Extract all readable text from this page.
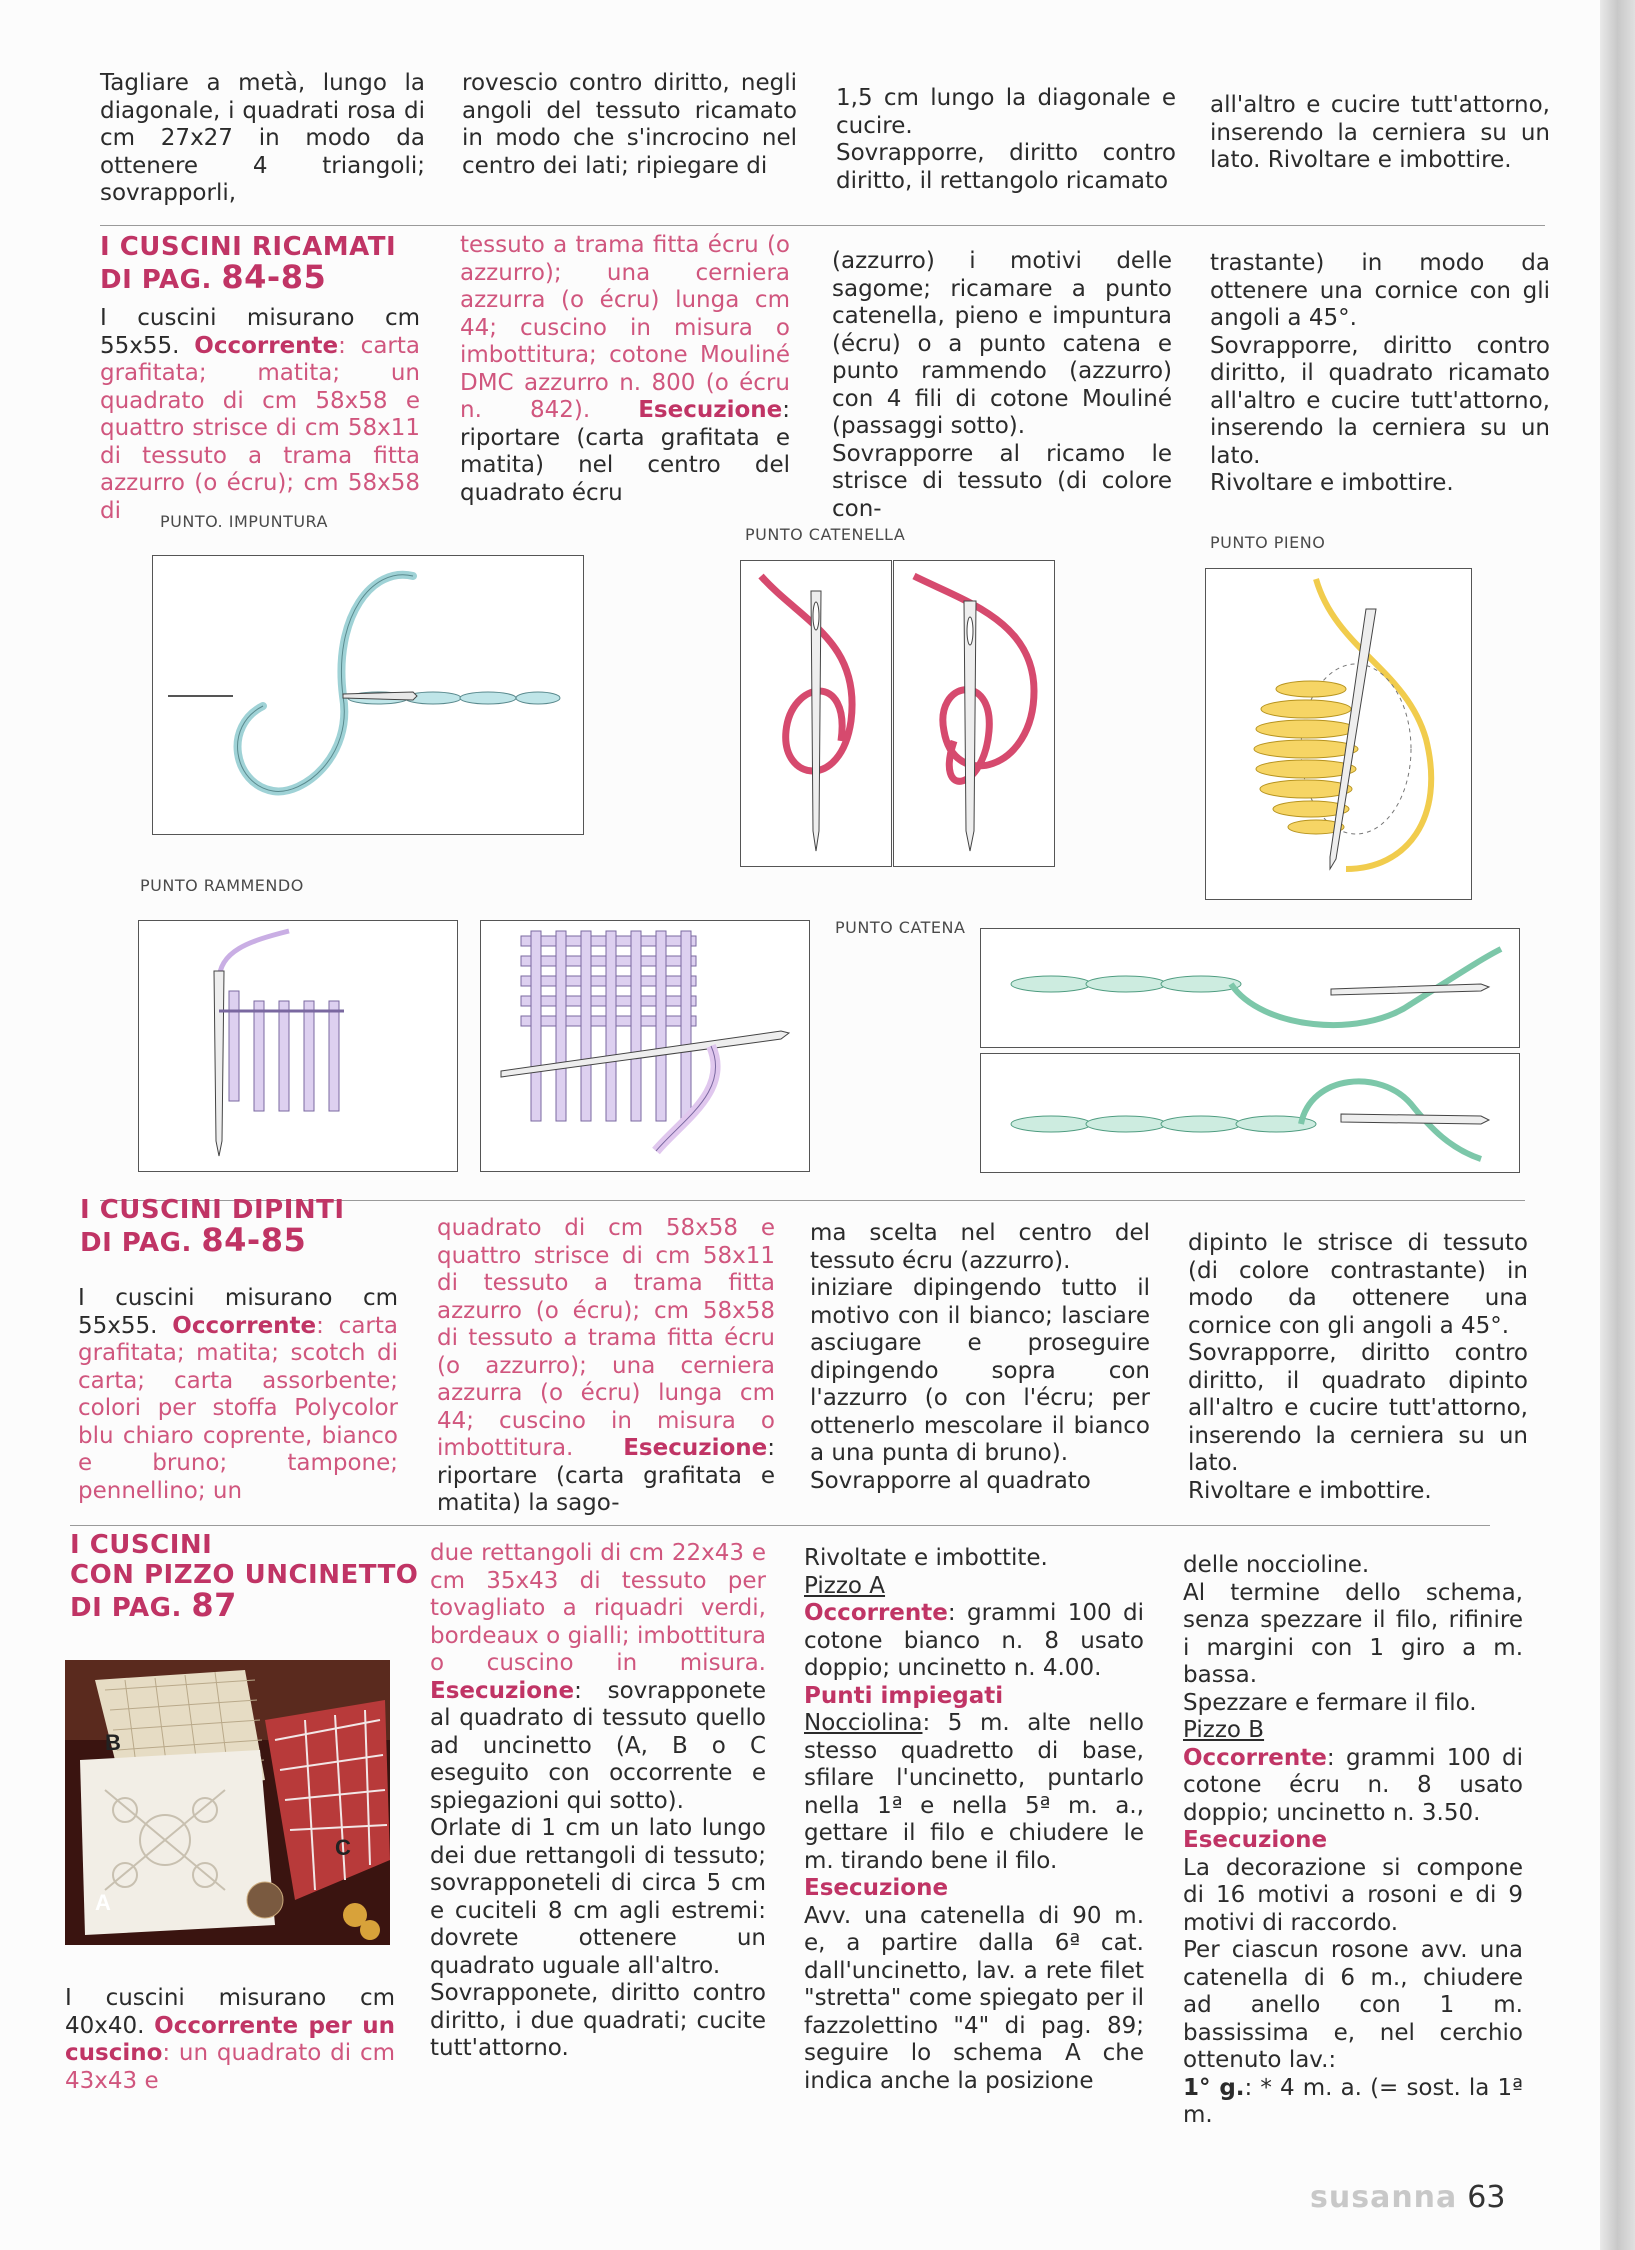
Tagliare a metà, lungo la diagonale, i quadrati rosa di cm 27x27 in modo da ottenere 4 triangoli; sovrapporli,
rovescio contro diritto, negli angoli del tessuto ricamato in modo che s'incrocino nel centro dei lati; ripiegare di
1,5 cm lungo la diagonale e cucire.
Sovrapporre, diritto contro diritto, il rettangolo ricamato
all'altro e cucire tutt'attorno, inserendo la cerniera su un lato. Rivoltare e imbottire.
I CUSCINI RICAMATI
DI PAG. 84-85
I cuscini misurano cm 55x55. Occorrente: carta grafitata; matita; un quadrato di cm 58x58 e quattro strisce di cm 58x11 di tessuto a trama fitta azzurro (o écru); cm 58x58 di
tessuto a trama fitta écru (o azzurro); una cerniera azzurra (o écru) lunga cm 44; cuscino in misura o imbottitura; cotone Mouliné DMC azzurro n. 800 (o écru n. 842). Esecuzione: riportare (carta grafitata e matita) nel centro del quadrato écru
(azzurro) i motivi delle sagome; ricamare a punto catenella, pieno e impuntura (écru) o a punto catena e punto rammendo (azzurro) con 4 fili di cotone Mouliné (passaggi sotto).
Sovrapporre al ricamo le strisce di tessuto (di colore con-
trastante) in modo da ottenere una cornice con gli angoli a 45°.
Sovrapporre, diritto contro diritto, il quadrato ricamato all'altro e cucire tutt'attorno, inserendo la cerniera su un lato.
Rivoltare e imbottire.
PUNTO. IMPUNTURA
PUNTO CATENELLA	PUNTO PIENO
PUNTO RAMMENDO
PUNTO CATENA
I CUSCINI DIPINTI
DI PAG. 84-85
I cuscini misurano cm 55x55. Occorrente: carta grafitata; matita; scotch di carta; carta assorbente; colori per stoffa Polycolor blu chiaro coprente, bianco e bruno; tampone; pennellino; un
quadrato di cm 58x58 e quattro strisce di cm 58x11 di tessuto a trama fitta azzurro (o écru); cm 58x58 di tessuto a trama fitta écru (o azzurro); una cerniera azzurra (o écru) lunga cm 44; cuscino in misura o imbottitura. Esecuzione: riportare (carta grafitata e matita) la sago-
ma scelta nel centro del tessuto écru (azzurro).
iniziare dipingendo tutto il motivo con il bianco; lasciare asciugare e proseguire dipingendo sopra con l'azzurro (o con l'écru; per ottenerlo mescolare il bianco a una punta di bruno).
Sovrapporre al quadrato
dipinto le strisce di tessuto (di colore contrastante) in modo da ottenere una cornice con gli angoli a 45°.
Sovrapporre, diritto contro diritto, il quadrato dipinto all'altro e cucire tutt'attorno, inserendo la cerniera su un lato.
Rivoltare e imbottire.
I CUSCINI
CON PIZZO UNCINETTO
DI PAG. 87
B
A
C
I cuscini misurano cm 40x40. Occorrente per un cuscino: un quadrato di cm 43x43 e
due rettangoli di cm 22x43 e cm 35x43 di tessuto per tovagliato a riquadri verdi, bordeaux o gialli; imbottitura o cuscino in misura. Esecuzione: sovrapponete al quadrato di tessuto quello ad uncinetto (A, B o C eseguito con occorrente e spiegazioni qui sotto).
Orlate di 1 cm un lato lungo dei due rettangoli di tessuto; sovrapponeteli di circa 5 cm e cuciteli 8 cm agli estremi: dovrete ottenere un quadrato uguale all'altro.
Sovrapponete, diritto contro diritto, i due quadrati; cucite tutt'attorno.
Rivoltate e imbottite.
Pizzo A
Occorrente: grammi 100 di cotone bianco n. 8 usato doppio; uncinetto n. 4.00.
Punti impiegati
Nocciolina: 5 m. alte nello stesso quadretto di base, sfilare l'uncinetto, puntarlo nella 1ª e nella 5ª m. a., gettare il filo e chiudere le m. tirando bene il filo.
Esecuzione
Avv. una catenella di 90 m. e, a partire dalla 6ª cat. dall'uncinetto, lav. a rete filet "stretta" come spiegato per il fazzolettino "4" di pag. 89; seguire lo schema A che indica anche la posizione
delle noccioline.
Al termine dello schema, senza spezzare il filo, rifinire i margini con 1 giro a m. bassa.
Spezzare e fermare il filo.
Pizzo B
Occorrente: grammi 100 di cotone écru n. 8 usato doppio; uncinetto n. 3.50.
Esecuzione
La decorazione si compone di 16 motivi a rosoni e di 9 motivi di raccordo.
Per ciascun rosone avv. una catenella di 6 m., chiudere ad anello con 1 m. bassissima e, nel cerchio ottenuto lav.:
1° g.: * 4 m. a. (= sost. la 1ª m.
susanna 63
